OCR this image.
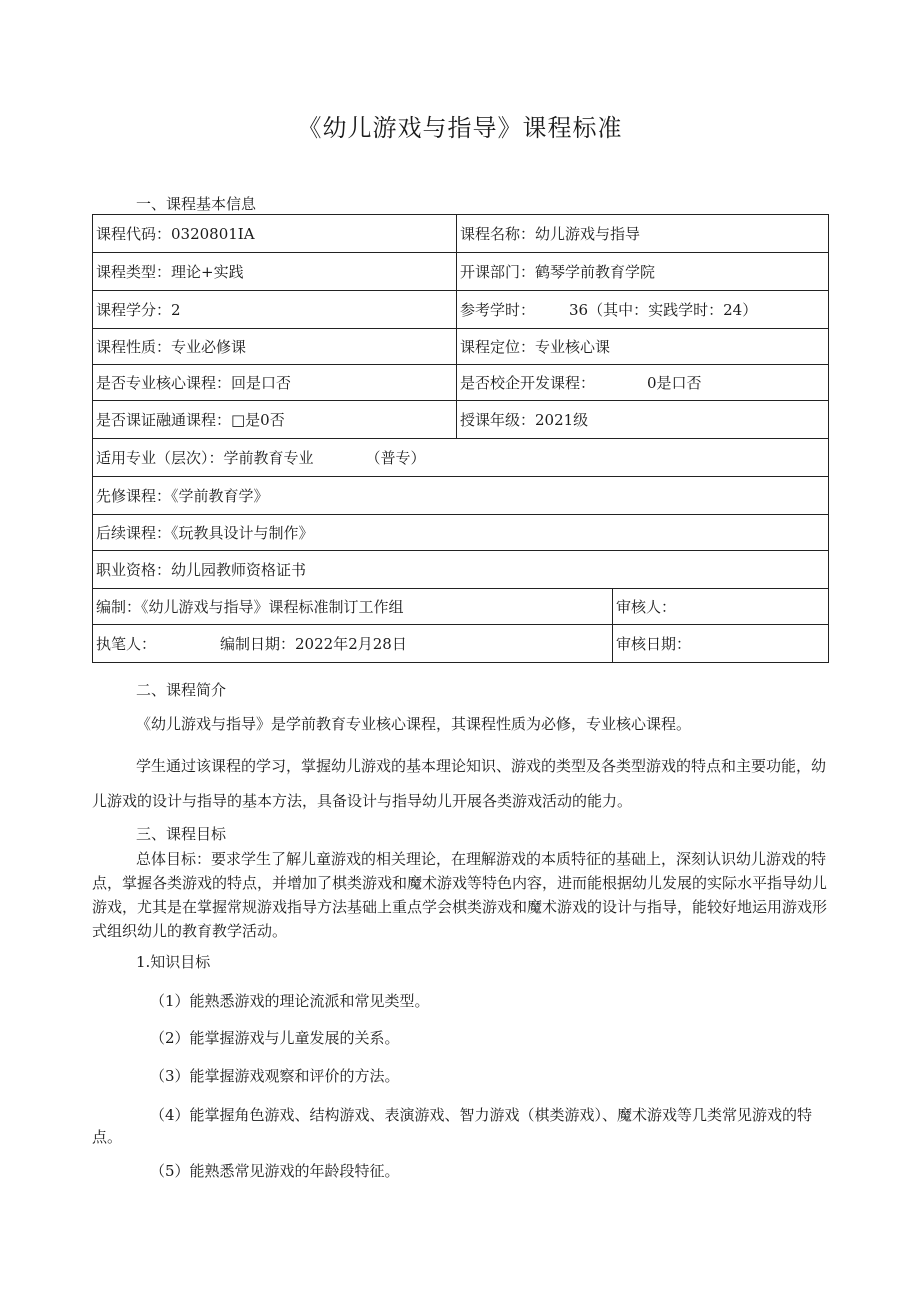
《幼儿游戏与指导》课程标准
一、课程基本信息
课程代码：0320801IA	课程名称：幼儿游戏与指导	
课程类型：理论+实践	开课部门：鹤琴学前教育学院	
课程学分：2	参考学时： 36（其中：实践学时：24）	
课程性质：专业必修课	课程定位：专业核心课	
是否专业核心课程：回是口否	是否校企开发课程： 0是口否	
是否课证融通课程：□是0否	授课年级：2021级	
适用专业（层次）：学前教育专业 （普专）		
先修课程：《学前教育学》		
后续课程：《玩教具设计与制作》		
职业资格：幼儿园教师资格证书		
编制：《幼儿游戏与指导》课程标准制订工作组		审核人：
执笔人： 编制日期：2022年2月28日		审核日期：
二、课程简介
《幼儿游戏与指导》是学前教育专业核心课程，其课程性质为必修，专业核心课程。
学生通过该课程的学习，掌握幼儿游戏的基本理论知识、游戏的类型及各类型游戏的特点和主要功能，幼儿游戏的设计与指导的基本方法，具备设计与指导幼儿开展各类游戏活动的能力。
三、课程目标
总体目标：要求学生了解儿童游戏的相关理论，在理解游戏的本质特征的基础上，深刻认识幼儿游戏的特点，掌握各类游戏的特点，并增加了棋类游戏和魔术游戏等特色内容，进而能根据幼儿发展的实际水平指导幼儿游戏，尤其是在掌握常规游戏指导方法基础上重点学会棋类游戏和魔术游戏的设计与指导，能较好地运用游戏形式组织幼儿的教育教学活动。
1.知识目标
（1）能熟悉游戏的理论流派和常见类型。
（2）能掌握游戏与儿童发展的关系。
（3）能掌握游戏观察和评价的方法。
（4）能掌握角色游戏、结构游戏、表演游戏、智力游戏（棋类游戏）、魔术游戏等几类常见游戏的特点。
（5）能熟悉常见游戏的年龄段特征。
